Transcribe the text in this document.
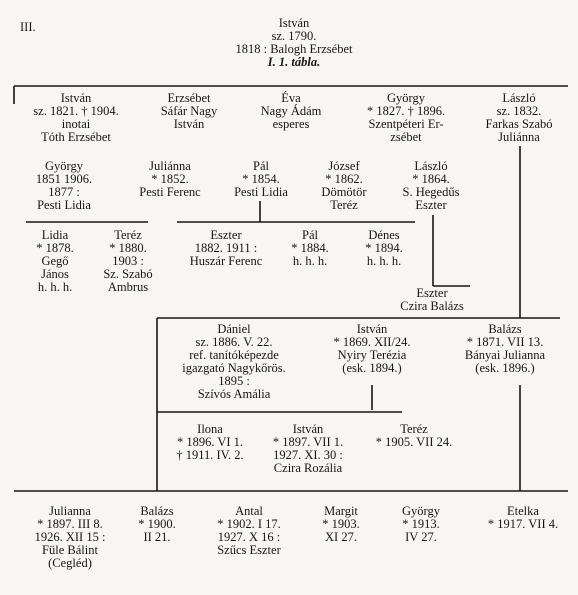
III.	István
sz. 1790.
1818 : Balogh Erzsébet
I. 1. tábla.
István
sz. 1821. † 1904.
inotai
Tóth Erzsébet
Erzsébet
Sáfár Nagy
István
Éva
Nagy Ádám
esperes
György
* 1827. † 1896.
Szentpéteri Er-
zsébet
László
sz. 1832.
Farkas Szabó
Juliánna
György
1851 1906.
1877 :
Pesti Lidia
Juliánna
* 1852.
Pesti Ferenc
Pál
* 1854.
Pesti Lidia
József
* 1862.
Dömötör
Teréz
László
* 1864.
S. Hegedűs
Eszter
Lidia
* 1878.
Gegő
János
h. h. h.
Teréz
* 1880.
1903 :
Sz. Szabó
Ambrus
Eszter
1882. 1911 :
Huszár Ferenc
Pál
* 1884.
h. h. h.
Dénes
* 1894.
h. h. h.
Eszter
Czira Balázs
Dániel
sz. 1886. V. 22.
ref. tanítóképezde
igazgató Nagykőrös.
1895 :
Szívós Amália
István
* 1869. XII/24.
Nyiry Terézia
(esk. 1894.)
Balázs
* 1871. VII 13.
Bányai Julianna
(esk. 1896.)
Ilona
* 1896. VI 1.
† 1911. IV. 2.
István
* 1897. VII 1.
1927. XI. 30 :
Czira Rozália
Teréz
* 1905. VII 24.
Julianna
* 1897. III 8.
1926. XII 15 :
Füle Bálint
(Cegléd)
Balázs
* 1900.
II 21.
Antal
* 1902. I 17.
1927. X 16 :
Szűcs Eszter
Margit
* 1903.
XI 27.
György
* 1913.
IV 27.
Etelka
* 1917. VII 4.
